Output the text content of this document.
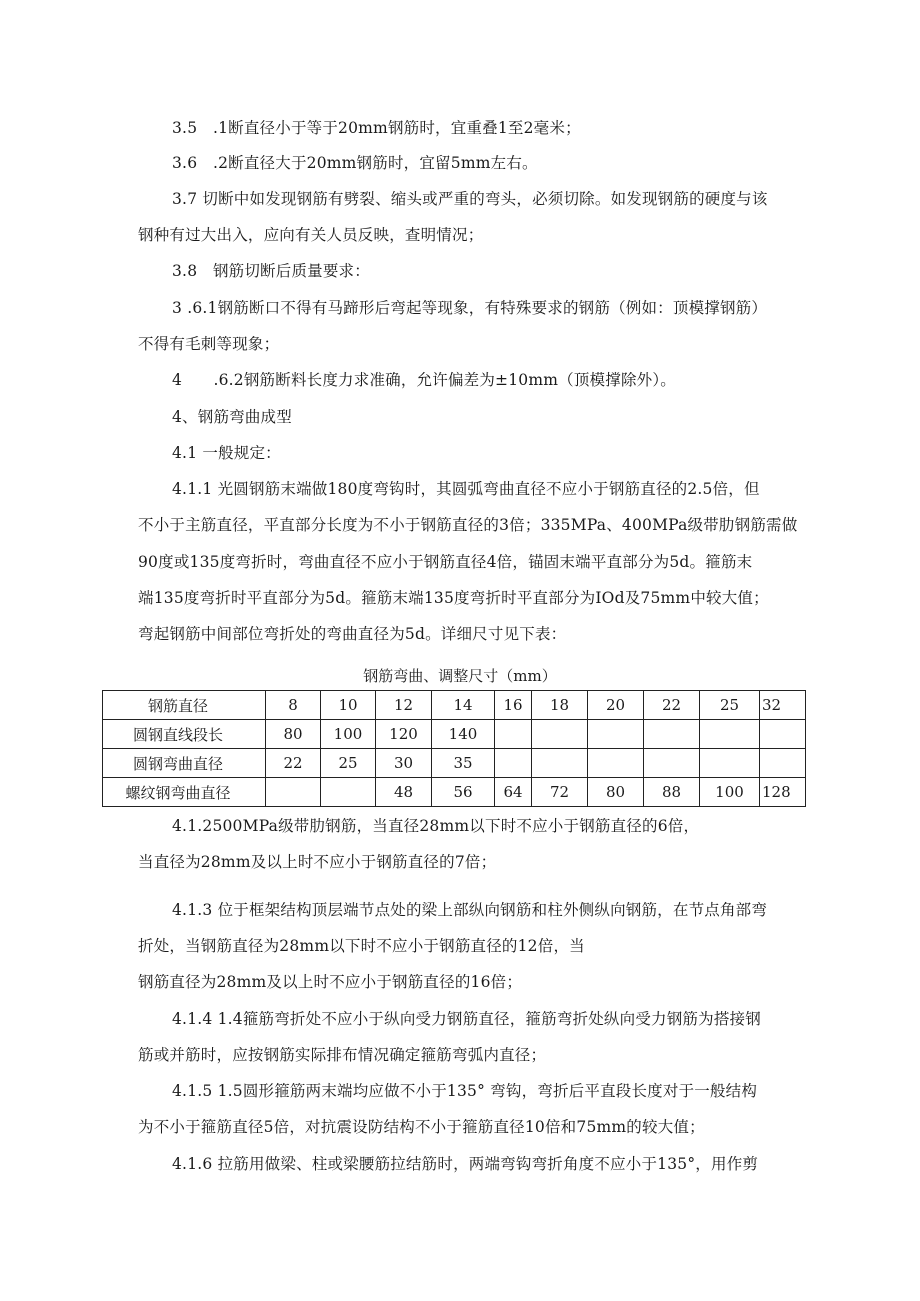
3.5　.1断直径小于等于20mm钢筋时，宜重叠1至2毫米；
3.6　.2断直径大于20mm钢筋时，宜留5mm左右。
3.7 切断中如发现钢筋有劈裂、缩头或严重的弯头，必须切除。如发现钢筋的硬度与该
钢种有过大出入，应向有关人员反映，查明情况；
3.8　钢筋切断后质量要求：
3 .6.1钢筋断口不得有马蹄形后弯起等现象，有特殊要求的钢筋（例如：顶模撑钢筋）
不得有毛刺等现象；
4　　.6.2钢筋断料长度力求准确，允许偏差为±10mm（顶模撑除外）。
4、钢筋弯曲成型
4.1 一般规定：
4.1.1 光圆钢筋末端做180度弯钩时，其圆弧弯曲直径不应小于钢筋直径的2.5倍，但
不小于主筋直径，平直部分长度为不小于钢筋直径的3倍；335MPa、400MPa级带肋钢筋需做
90度或135度弯折时，弯曲直径不应小于钢筋直径4倍，锚固末端平直部分为5d。箍筋末
端135度弯折时平直部分为5d。箍筋末端135度弯折时平直部分为IOd及75mm中较大值；
弯起钢筋中间部位弯折处的弯曲直径为5d。详细尺寸见下表：
钢筋弯曲、调整尺寸（mm）
钢筋直径	8	10	12	14	16	18	20	22	25	32
圆钢直线段长	80	100	120	140						
圆钢弯曲直径	22	25	30	35						
螺纹钢弯曲直径			48	56	64	72	80	88	100	128
4.1.2500MPa级带肋钢筋，当直径28mm以下时不应小于钢筋直径的6倍，
当直径为28mm及以上时不应小于钢筋直径的7倍；
4.1.3 位于框架结构顶层端节点处的梁上部纵向钢筋和柱外侧纵向钢筋，在节点角部弯
折处，当钢筋直径为28mm以下时不应小于钢筋直径的12倍，当
钢筋直径为28mm及以上时不应小于钢筋直径的16倍；
4.1.4 1.4箍筋弯折处不应小于纵向受力钢筋直径，箍筋弯折处纵向受力钢筋为搭接钢
筋或并筋时，应按钢筋实际排布情况确定箍筋弯弧内直径；
4.1.5 1.5圆形箍筋两末端均应做不小于135° 弯钩，弯折后平直段长度对于一般结构
为不小于箍筋直径5倍，对抗震设防结构不小于箍筋直径10倍和75mm的较大值；
4.1.6 拉筋用做梁、柱或梁腰筋拉结筋时，两端弯钩弯折角度不应小于135°，用作剪
